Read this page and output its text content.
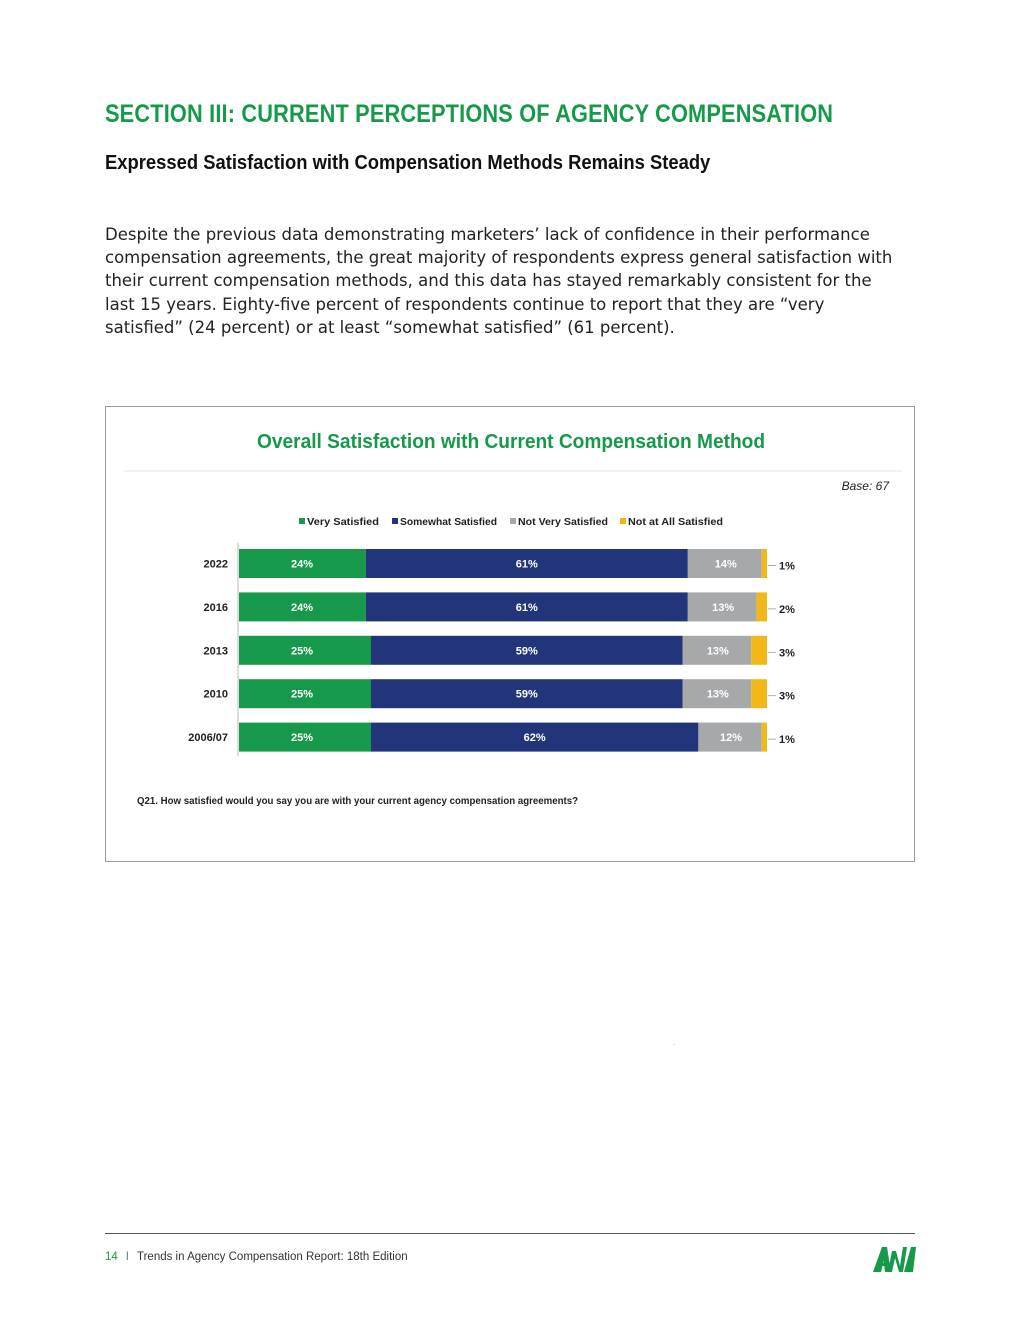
SECTION III: CURRENT PERCEPTIONS OF AGENCY COMPENSATION
Expressed Satisfaction with Compensation Methods Remains Steady

Despite the previous data demonstrating marketers’ lack of confidence in their performance compensation agreements, the great majority of respondents express general satisfaction with their current compensation methods, and this data has stayed remarkably consistent for the last 15 years. Eighty-five percent of respondents continue to report that they are “very satisfied” (24 percent) or at least “somewhat satisfied” (61 percent).

Overall Satisfaction with Current Compensation Method
Base: 67
Very Satisfied Somewhat Satisfied Not Very Satisfied Not at All Satisfied
2022	24%	61%	14%	1%
2016	24%	61%	13%	2%
2013	25%	59%	13%	3%
2010	25%	59%	13%	3%
2006/07	25%	62%	12%	1%
Q21. How satisfied would you say you are with your current agency compensation agreements?
14 I Trends in Agency Compensation Report: 18th Edition
ANA
